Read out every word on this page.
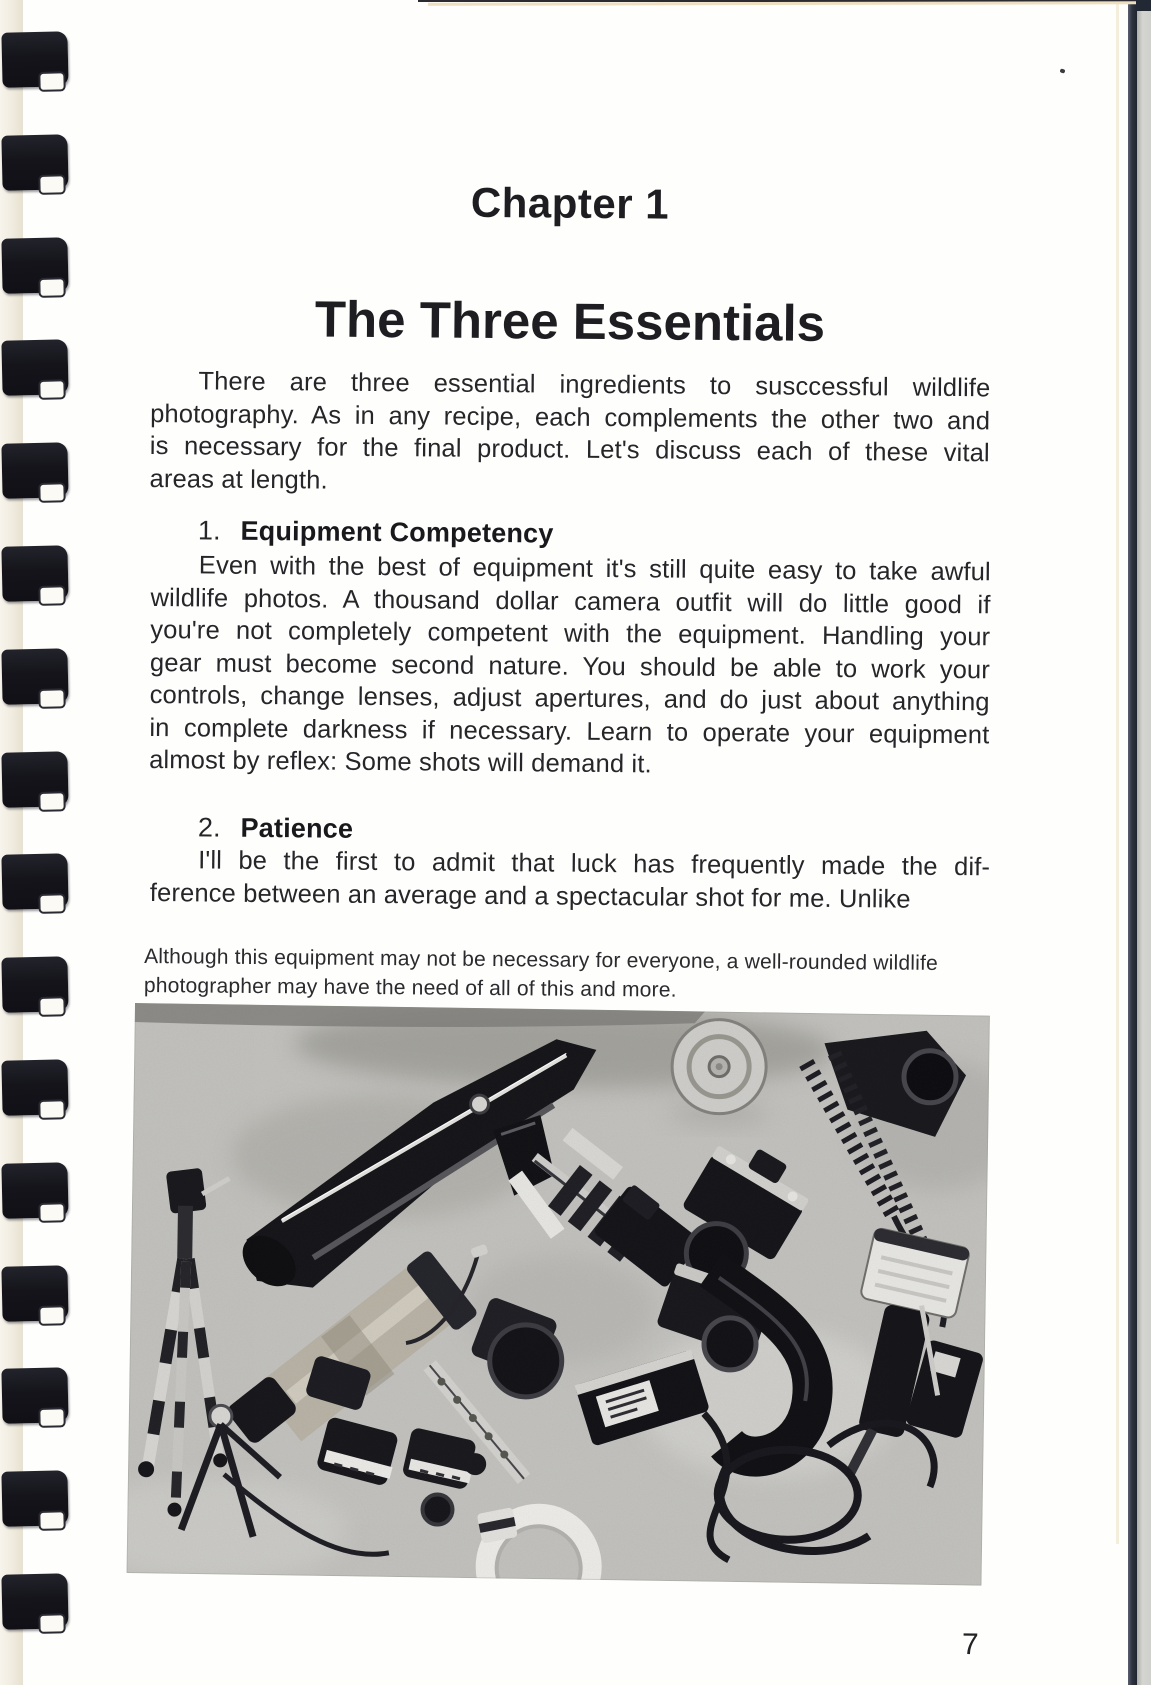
Chapter 1
The Three Essentials
There are three essential ingredients to susccessful wildlife
photography. As in any recipe, each complements the other two and
is necessary for the final product. Let's discuss each of these vital
areas at length.
1. Equipment Competency
Even with the best of equipment it's still quite easy to take awful
wildlife photos. A thousand dollar camera outfit will do little good if
you're not completely competent with the equipment. Handling your
gear must become second nature. You should be able to work your
controls, change lenses, adjust apertures, and do just about anything
in complete darkness if necessary. Learn to operate your equipment
almost by reflex: Some shots will demand it.
2. Patience
I'll be the first to admit that luck has frequently made the dif-
ference between an average and a spectacular shot for me. Unlike
Although this equipment may not be necessary for everyone, a well-rounded wildlife
photographer may have the need of all of this and more.
7
